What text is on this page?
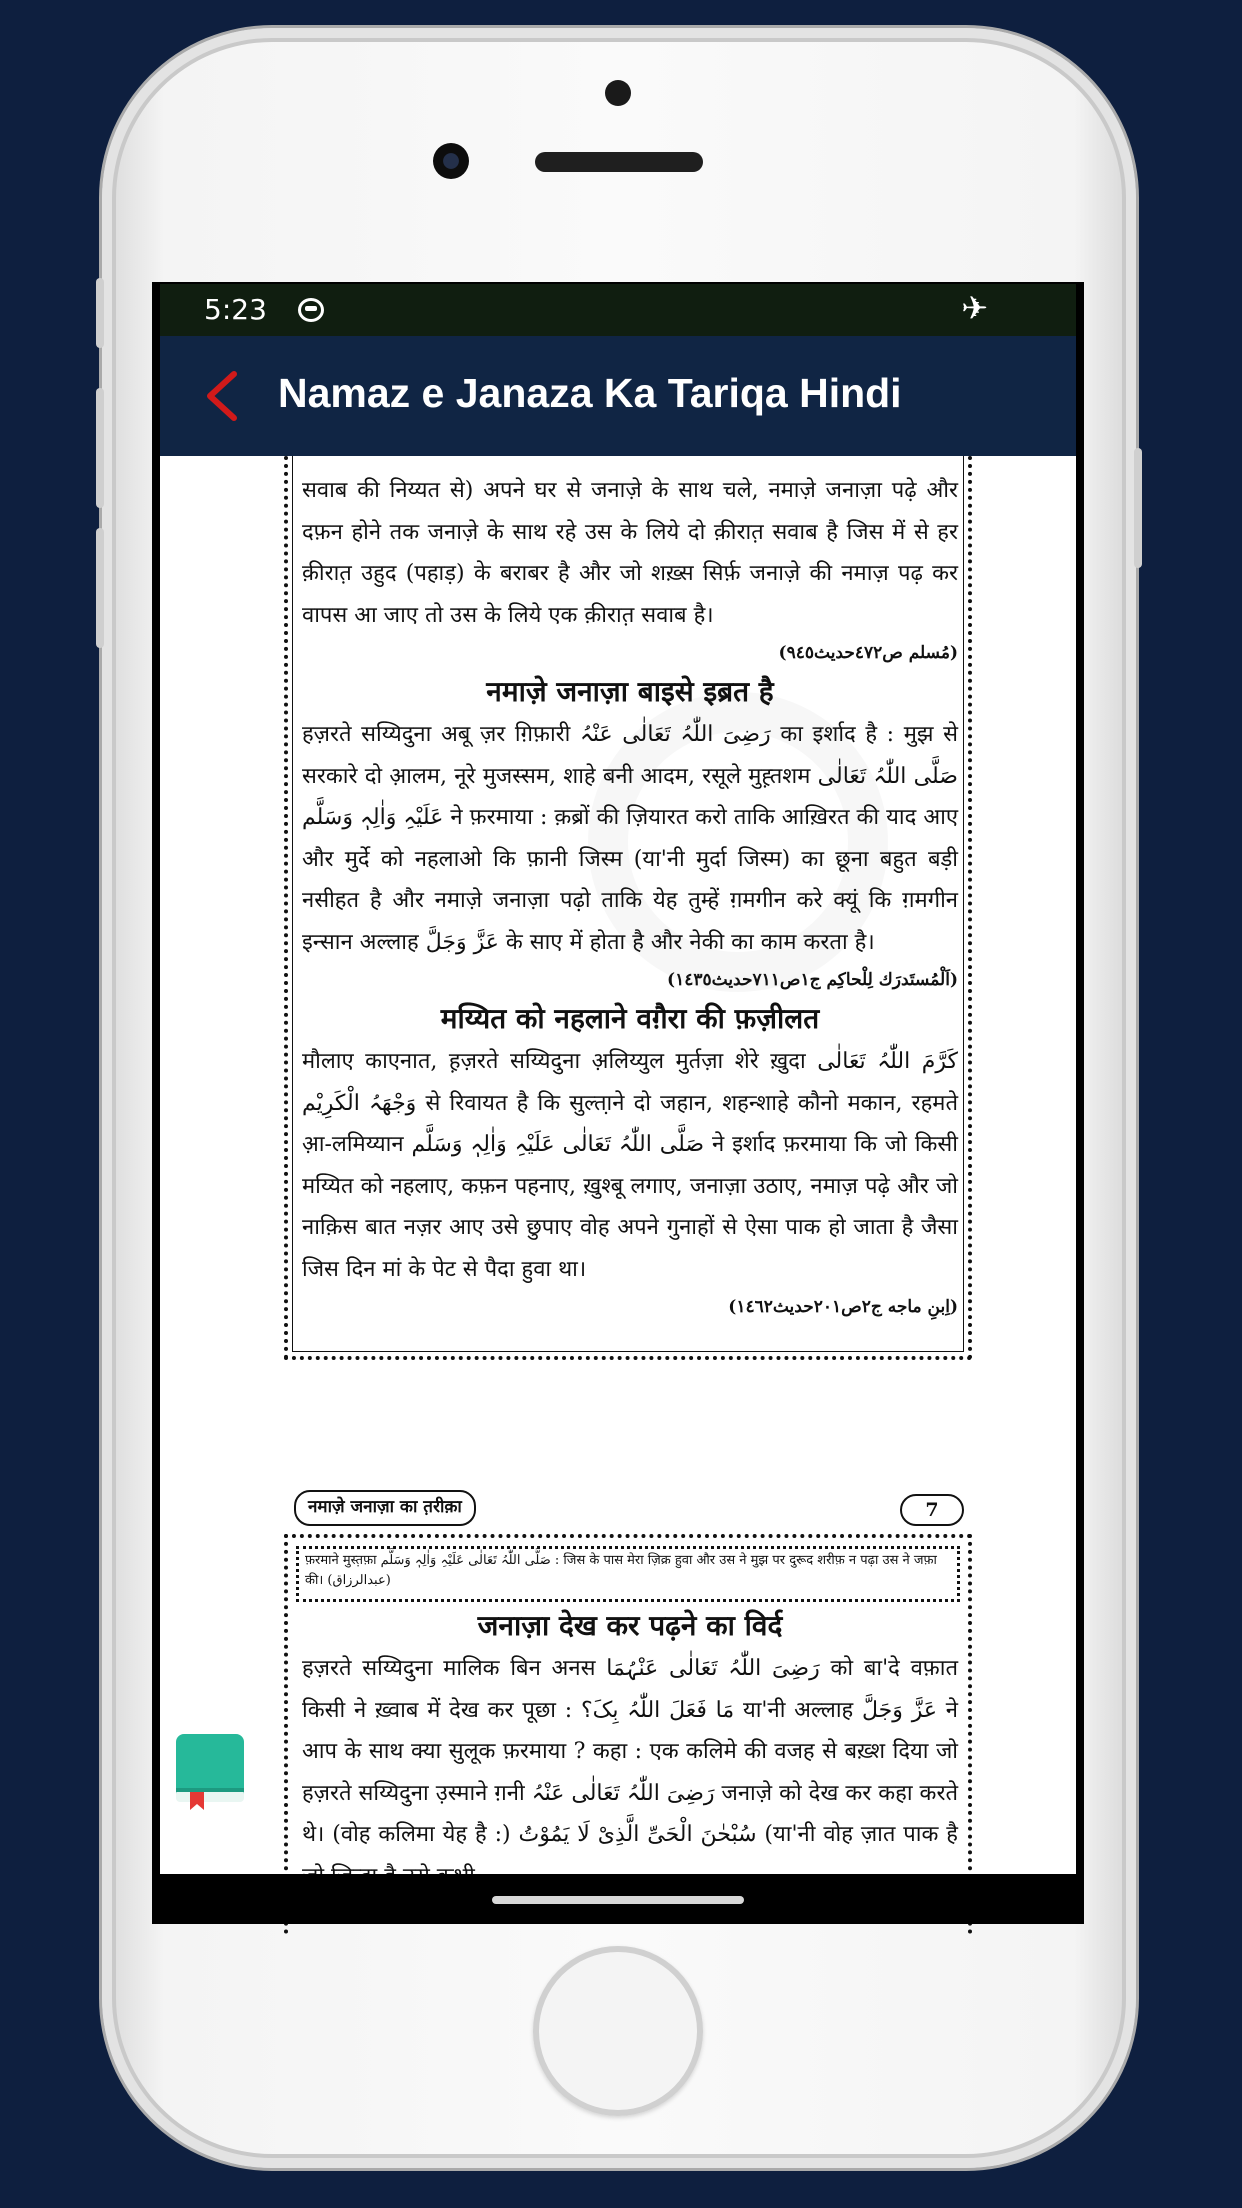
5:23	✈
Namaz e Janaza Ka Tariqa Hindi

सवाब की निय्यत से) अपने घर से जनाज़े के साथ चले, नमाज़े जनाज़ा पढ़े और दफ़न होने तक जनाज़े के साथ रहे उस के लिये दो क़ीरात़ सवाब है जिस में से हर क़ीरात़ उहुद (पहाड़) के बराबर है और जो शख़्स सिर्फ़ जनाज़े की नमाज़ पढ़ कर वापस आ जाए तो उस के लिये एक क़ीरात़ सवाब है।

(مُسلم ص٤٧٢حديث٩٤٥)

नमाज़े जनाज़ा बाइसे इब्रत है

हज़रते सय्यिदुना अबू ज़र ग़िफ़ारी رَضِیَ اللّٰہُ تَعَالٰی عَنْہُ का इर्शाद है : मुझ से सरकारे दो आ़लम, नूरे मुजस्सम, शाहे बनी आदम, रसूले मुह़्तशम صَلَّی اللّٰہُ تَعَالٰی عَلَیْہِ وَاٰلِہٖ وَسَلَّم ने फ़रमाया : क़ब्रों की ज़ियारत करो ताकि आख़िरत की याद आए और मुर्दे को नहलाओ कि फ़ानी जिस्म (या'नी मुर्दा जिस्म) का छूना बहुत बड़ी नसीहत है और नमाज़े जनाज़ा पढ़ो ताकि येह तुम्हें ग़मगीन करे क्यूं कि ग़मगीन इन्सान अल्लाह عَزَّ وَجَلَّ के साए में होता है और नेकी का काम करता है।

(اَلْمُستَدرَك لِلْحاكِم ج١ص٧١١حديث١٤٣٥)

मय्यित को नहलाने वग़ैरा की फ़ज़ीलत

मौलाए काएनात, ह़ज़रते सय्यिदुना अ़लिय्युल मुर्तज़ा शेरे ख़ुदा كَرَّمَ اللّٰہُ تَعَالٰی وَجْھَہُ الْکَرِیْم से रिवायत है कि सुल्ता़ने दो जहान, शहन्शाहे कौनो मकान, रहमते आ़-लमिय्यान صَلَّی اللّٰہُ تَعَالٰی عَلَیْہِ وَاٰلِہٖ وَسَلَّم ने इर्शाद फ़रमाया कि जो किसी मय्यित को नहलाए, कफ़न पहनाए, ख़ुश्बू लगाए, जनाज़ा उठाए, नमाज़ पढ़े और जो नाक़िस बात नज़र आए उसे छुपाए वोह अपने गुनाहों से ऐसा पाक हो जाता है जैसा जिस दिन मां के पेट से पैदा हुवा था।

(اِبنِ ماجه ج٢ص٢٠١حديث١٤٦٢)

नमाज़े जनाज़ा का त़रीक़ा	7
फ़रमाने मुस्त़फ़ा صَلَّی اللّٰہُ تَعَالٰی عَلَیْہِ وَاٰلِہٖ وَسَلَّم : जिस के पास मेरा ज़िक्र हुवा और उस ने मुझ पर दुरूद शरीफ़ न पढ़ा उस ने जफ़ा की। (عبدالرزاق)

जनाज़ा देख कर पढ़ने का विर्द

हज़रते सय्यिदुना मालिक बिन अनस رَضِیَ اللّٰہُ تَعَالٰی عَنْہُمَا को बा'दे वफ़ात किसी ने ख़्वाब में देख कर पूछा : مَا فَعَلَ اللّٰہُ بِکَ؟ या'नी अल्लाह عَزَّ وَجَلَّ ने आप के साथ क्या सुलूक फ़रमाया ? कहा : एक कलिमे की वजह से बख़्श दिया जो हज़रते सय्यिदुना उ़स्माने ग़नी رَضِیَ اللّٰہُ تَعَالٰی عَنْہُ जनाज़े को देख कर कहा करते थे। (वोह कलिमा येह है :) سُبْحٰنَ الْحَیِّ الَّذِیْ لَا یَمُوْتُ (या'नी वोह ज़ात पाक है
